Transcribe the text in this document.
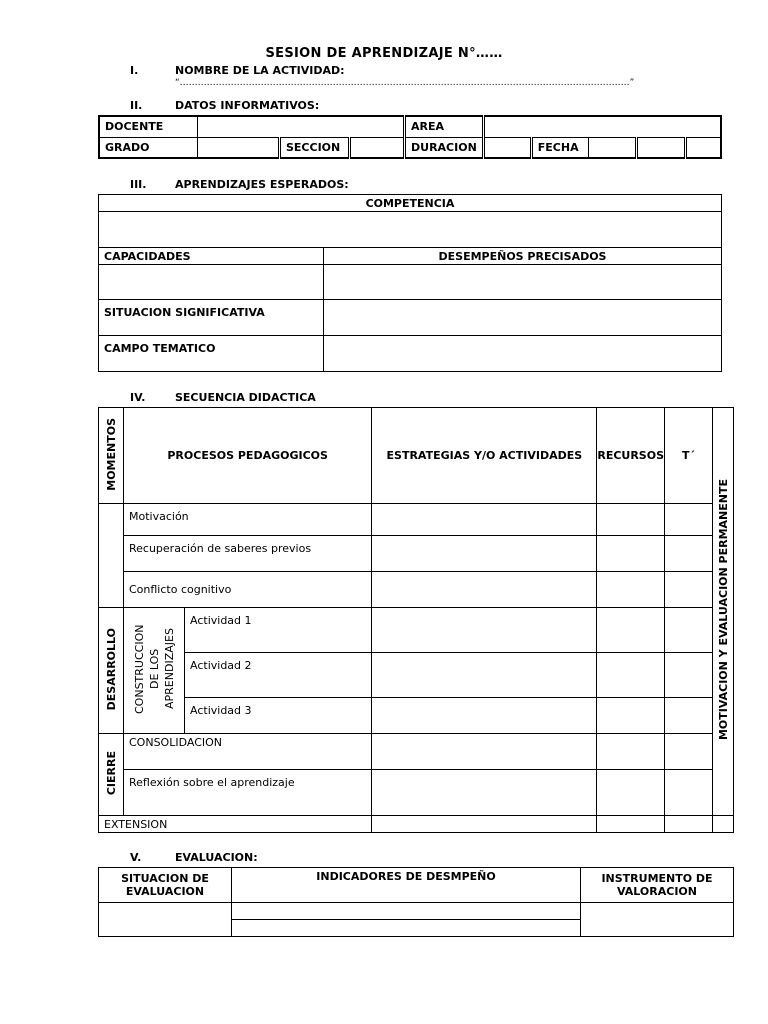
SESION DE APRENDIZAJE N°……
I.	NOMBRE DE LA ACTIVIDAD:
“……………………………………………………………………………………………………………………………………”
II.	DATOS INFORMATIVOS:
DOCENTE				AREA					
GRADO		SECCION		DURACION		FECHA			
III.	APRENDIZAJES ESPERADOS:
COMPETENCIA	

CAPACIDADES	DESEMPEÑOS PRECISADOS

SITUACION SIGNIFICATIVA	
CAMPO TEMATICO	
IV.	SECUENCIA DIDACTICA
MOMENTOS	PROCESOS PEDAGOGICOS		ESTRATEGIAS Y/O ACTIVIDADES	RECURSOS	T´	MOTIVACION Y EVALUACION PERMANENTE
	Motivación					
	Recuperación de saberes previos					
	Conflicto cognitivo					
DESARROLLO	CONSTRUCCION DE LOS APRENDIZAJES	Actividad 1				
		Actividad 2				
		Actividad 3				
CIERRE	CONSOLIDACION					
	Reflexión sobre el aprendizaje					
EXTENSION						
V.	EVALUACION:
SITUACION DE EVALUACION	INDICADORES DE DESMPEÑO	INSTRUMENTO DE VALORACION
